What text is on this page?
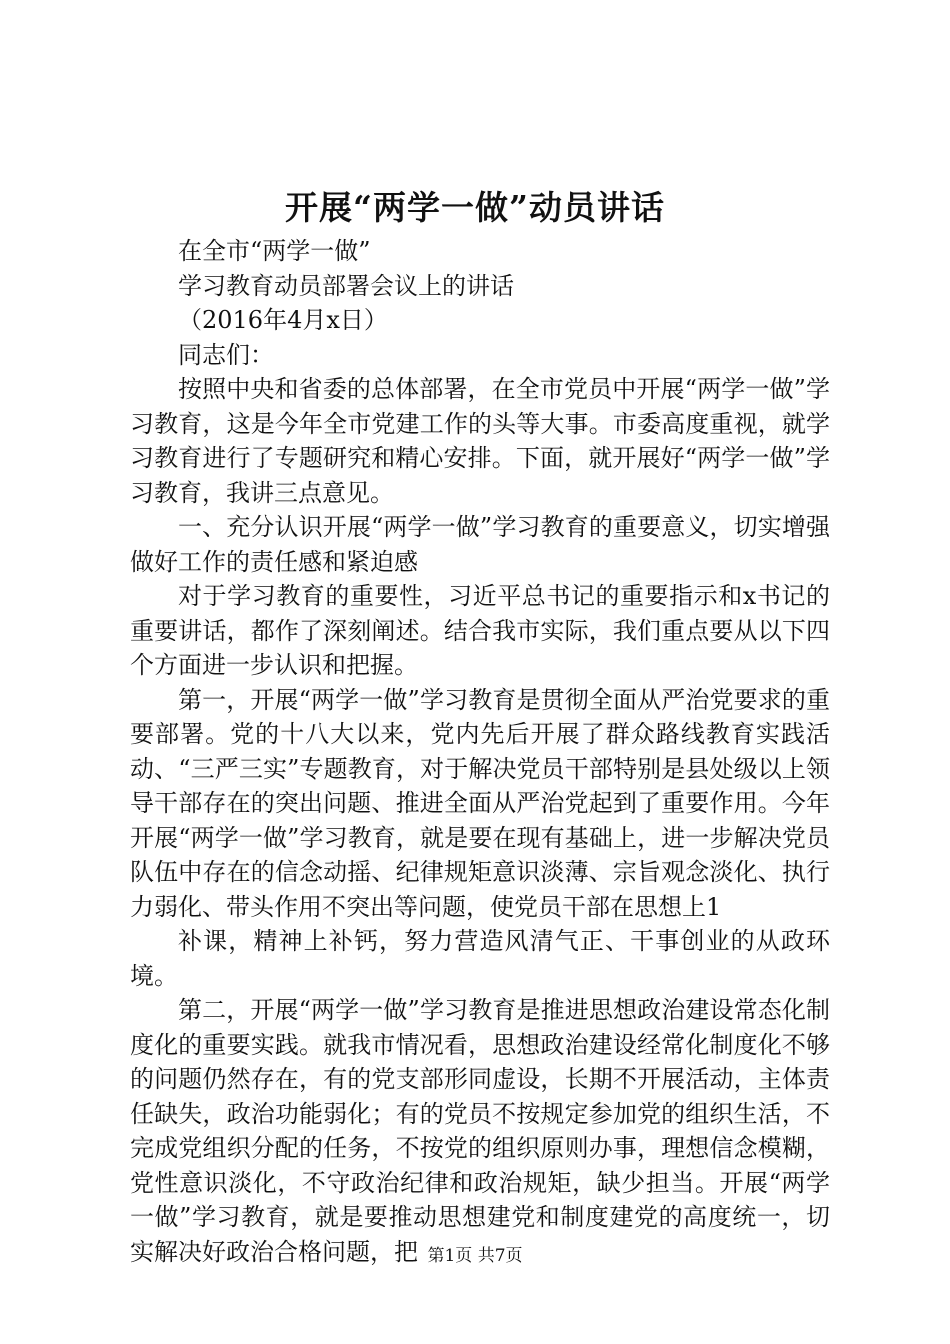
开展“两学一做”动员讲话

在全市“两学一做”

学习教育动员部署会议上的讲话

（2016年4月x日）

同志们：

按照中央和省委的总体部署，在全市党员中开展“两学一做”学习教育，这是今年全市党建工作的头等大事。市委高度重视，就学习教育进行了专题研究和精心安排。下面，就开展好“两学一做”学习教育，我讲三点意见。

一、充分认识开展“两学一做”学习教育的重要意义，切实增强做好工作的责任感和紧迫感

对于学习教育的重要性，习近平总书记的重要指示和x书记的重要讲话，都作了深刻阐述。结合我市实际，我们重点要从以下四个方面进一步认识和把握。

第一，开展“两学一做”学习教育是贯彻全面从严治党要求的重要部署。党的十八大以来，党内先后开展了群众路线教育实践活动、“三严三实”专题教育，对于解决党员干部特别是县处级以上领导干部存在的突出问题、推进全面从严治党起到了重要作用。今年开展“两学一做”学习教育，就是要在现有基础上，进一步解决党员队伍中存在的信念动摇、纪律规矩意识淡薄、宗旨观念淡化、执行力弱化、带头作用不突出等问题，使党员干部在思想上1

补课，精神上补钙，努力营造风清气正、干事创业的从政环境。

第二，开展“两学一做”学习教育是推进思想政治建设常态化制度化的重要实践。就我市情况看，思想政治建设经常化制度化不够的问题仍然存在，有的党支部形同虚设，长期不开展活动，主体责任缺失，政治功能弱化；有的党员不按规定参加党的组织生活，不完成党组织分配的任务，不按党的组织原则办事，理想信念模糊，党性意识淡化，不守政治纪律和政治规矩，缺少担当。开展“两学一做”学习教育，就是要推动思想建党和制度建党的高度统一，切实解决好政治合格问题，把 第1页 共7页
